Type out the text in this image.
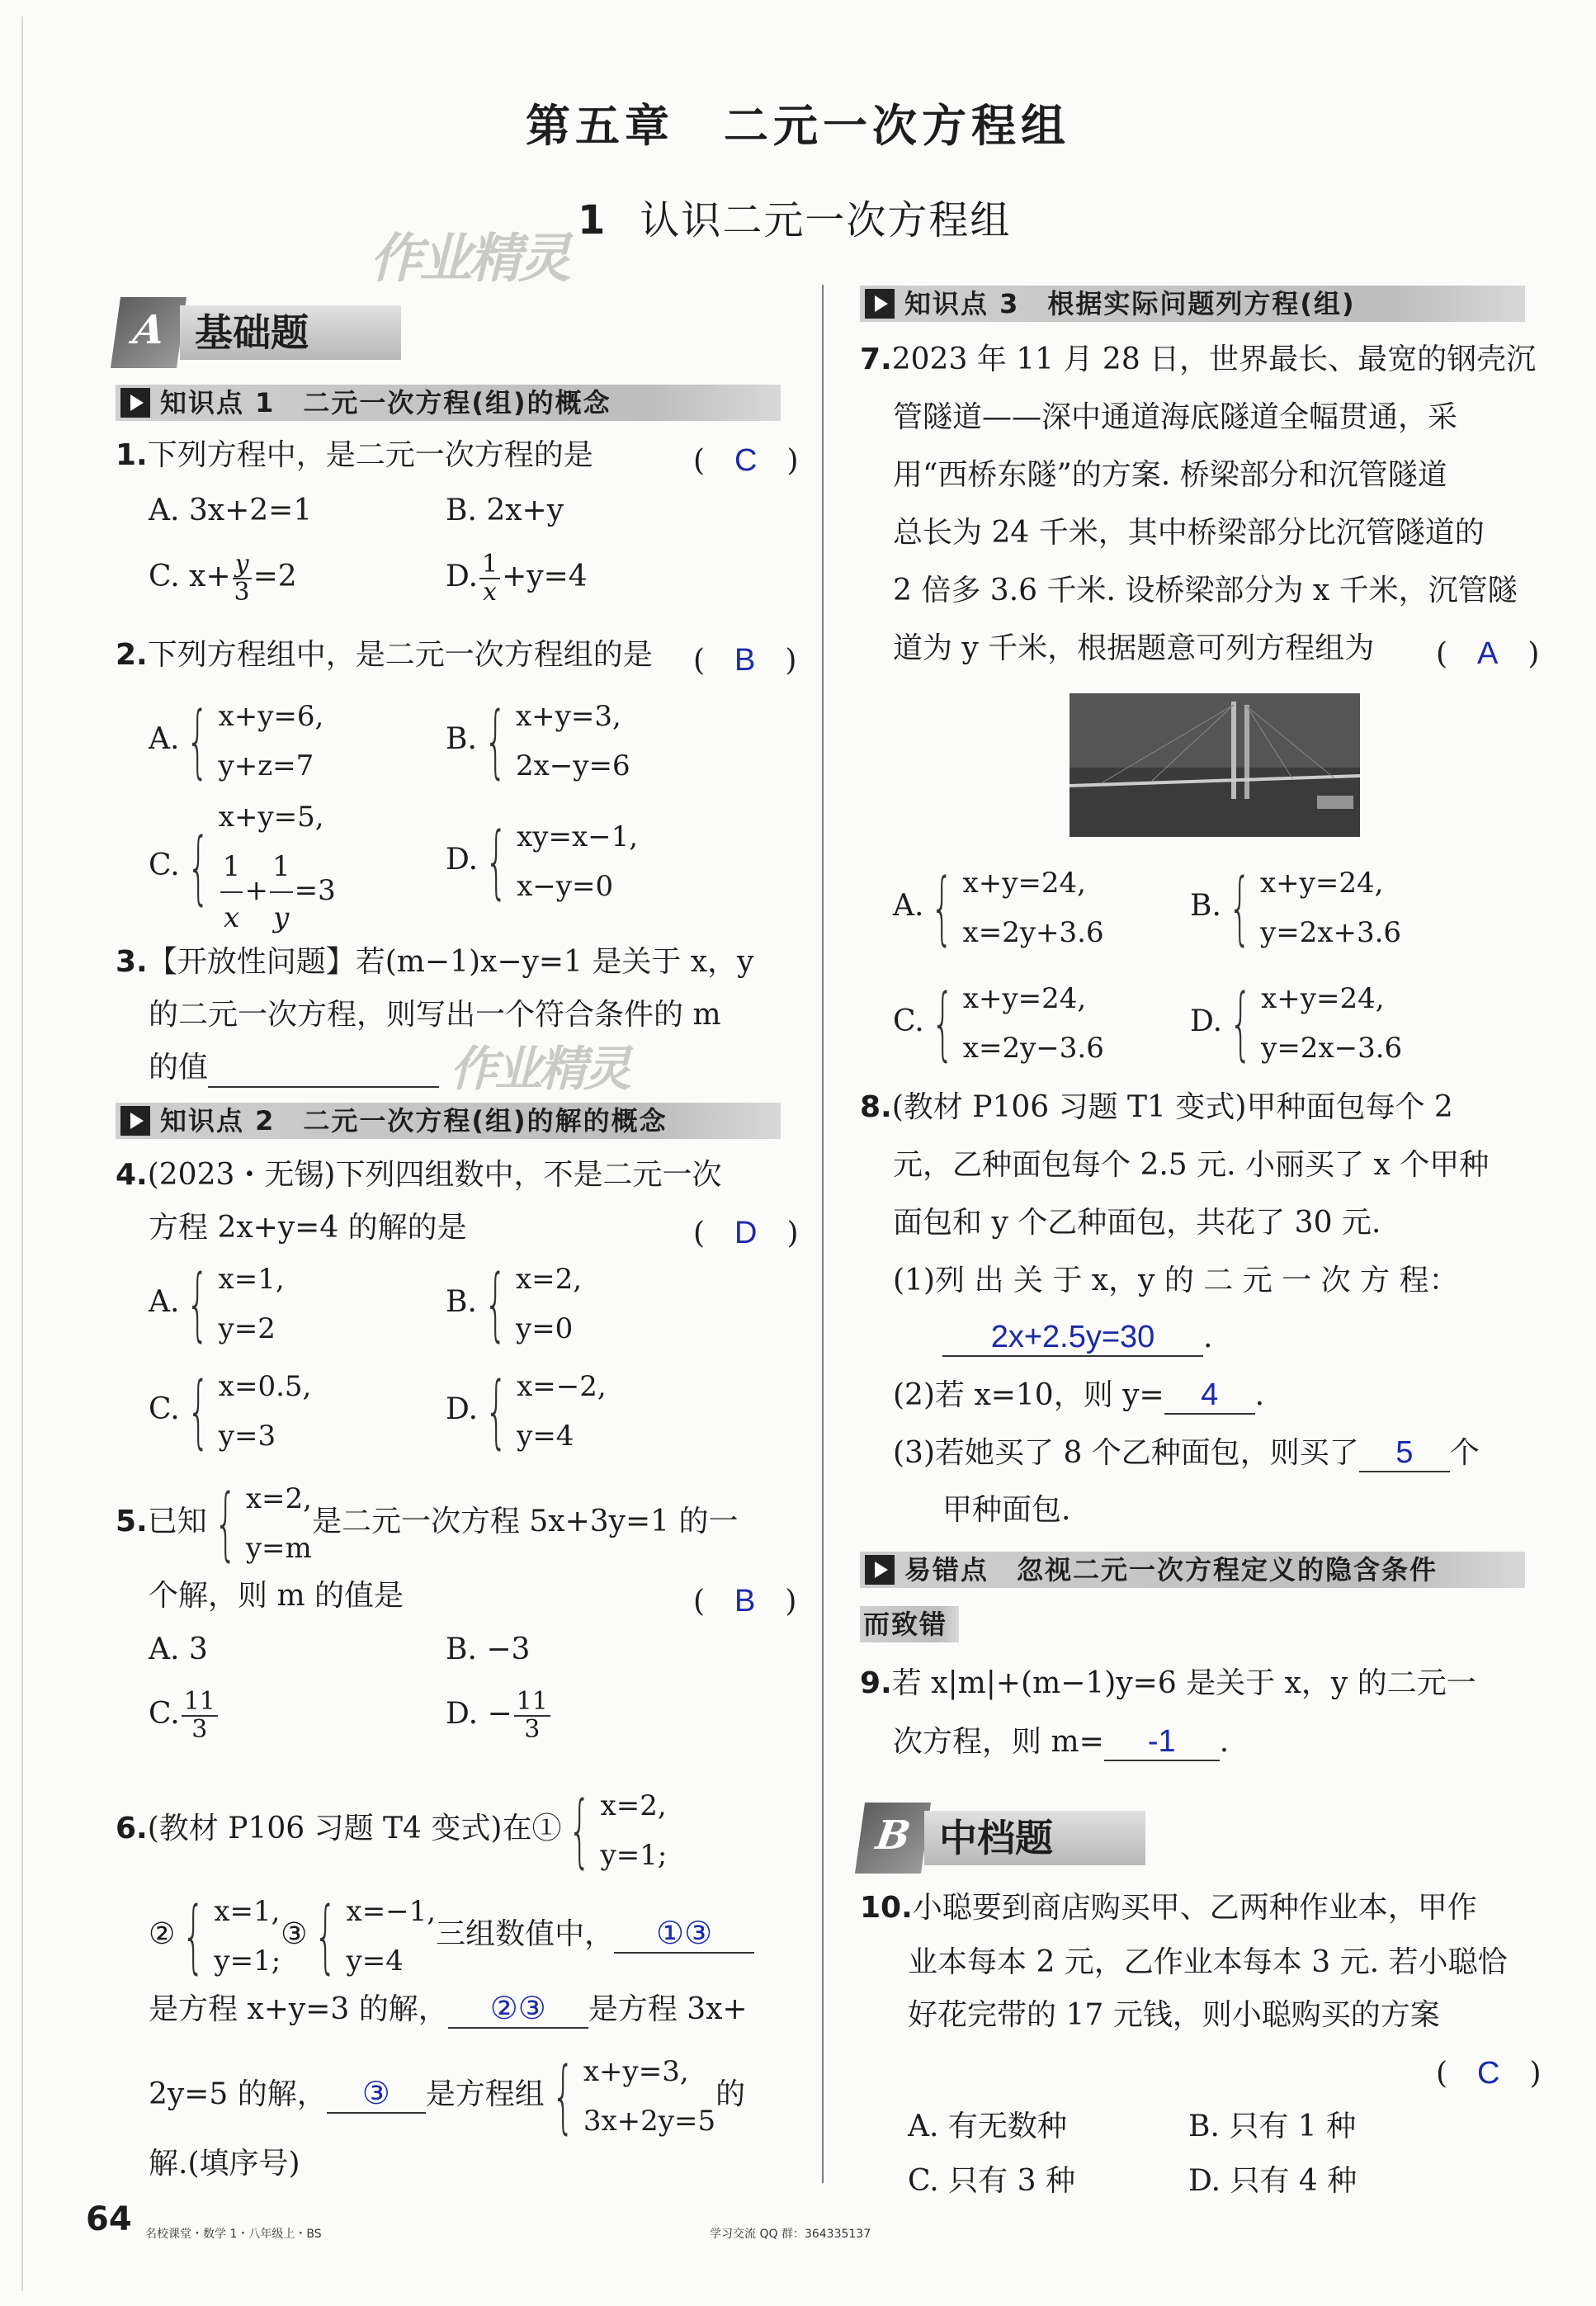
第五章　二元一次方程组
1 认识二元一次方程组
作业精灵
作业精灵
A 基础题
知识点 1　二元一次方程(组)的概念
1.下列方程中，是二元一次方程的是	(　C　)
A. 3x+2=1	B. 2x+y
C. $x+ \frac{y}{3} =2$	D. $\frac{1}{x} +y=4$
2.下列方程组中，是二元一次方程组的是 (　B　)
A. { x+y=6,
y+z=7
B. { x+y=3,
2x−y=6
C. {
x+y=5,
$\frac{1}{x} + \frac{1}{y} =3$
D. { xy=x−1,
x−y=0
3.【开放性问题】若(m−1)x−y=1 是关于 x，y
的二元一次方程，则写出一个符合条件的 m
的值
知识点 2　二元一次方程(组)的解的概念
4.(2023・无锡)下列四组数中，不是二元一次
方程 2x+y=4 的解的是	(　D　)
A. { x=1,
y=2
B. { x=2,
y=0
C. { x=0.5,
y=3
D. { x=−2,
y=4
5.已知 { x=2,
y=m
是二元一次方程 5x+3y=1 的一
个解，则 m 的值是	(　B　)
A. 3	B. −3
C. $\frac{11}{3}$	D. − $\frac{11}{3}$
6.(教材 P106 习题 T4 变式)在① { x=2,
y=1;
② { x=1,
y=1;
③ { x=−1,
y=4
三组数值中， ①③
是方程 x+y=3 的解， ②③ 是方程 3x+
2y=5 的解， ③ 是方程组 { x+y=3,
3x+2y=5
的
解.(填序号)
知识点 3　根据实际问题列方程(组)
7.2023 年 11 月 28 日，世界最长、最宽的钢壳沉
管隧道——深中通道海底隧道全幅贯通，采
用“西桥东隧”的方案. 桥梁部分和沉管隧道
总长为 24 千米，其中桥梁部分比沉管隧道的
2 倍多 3.6 千米. 设桥梁部分为 x 千米，沉管隧
道为 y 千米，根据题意可列方程组为 (　A　)
A. { x+y=24,
x=2y+3.6
B. { x+y=24,
y=2x+3.6
C. { x+y=24,
x=2y−3.6
D. { x+y=24,
y=2x−3.6
8.(教材 P106 习题 T1 变式)甲种面包每个 2
元，乙种面包每个 2.5 元. 小丽买了 x 个甲种
面包和 y 个乙种面包，共花了 30 元.
(1)列 出 关 于 x，y 的 二 元 一 次 方 程：
2x+2.5y=30 .
(2)若 x=10，则 y= 4 .
(3)若她买了 8 个乙种面包，则买了 5 个
甲种面包.
易错点　忽视二元一次方程定义的隐含条件
而致错
9.若 x|m|+(m−1)y=6 是关于 x，y 的二元一
次方程，则 m= -1 .
B 中档题
10.小聪要到商店购买甲、乙两种作业本，甲作
业本每本 2 元，乙作业本每本 3 元. 若小聪恰
好花完带的 17 元钱，则小聪购买的方案
(　C　)
A. 有无数种	B. 只有 1 种
C. 只有 3 种	D. 只有 4 种
64 名校课堂・数学 1・八年级上・BS	学习交流 QQ 群：364335137
